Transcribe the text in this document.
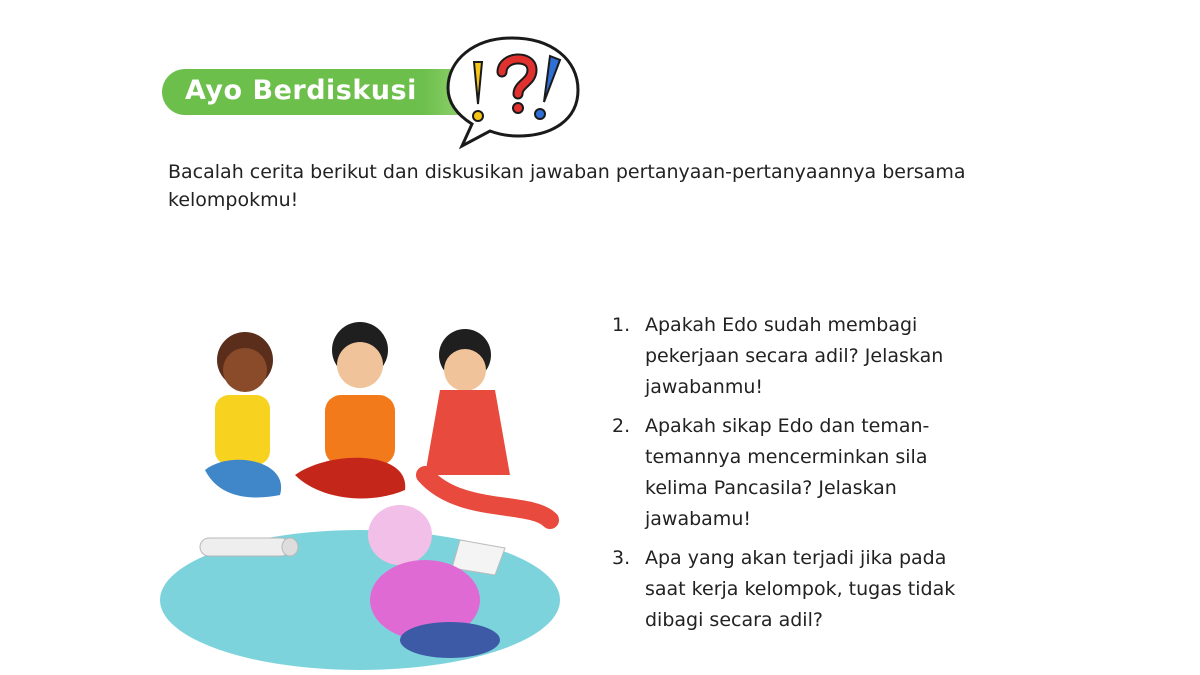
Ayo Berdiskusi
Bacalah cerita berikut dan diskusikan jawaban pertanyaan-pertanyaannya bersama kelompokmu!
1. Apakah Edo sudah membagi pekerjaan secara adil? Jelaskan jawabanmu!
2. Apakah sikap Edo dan teman-temannya mencerminkan sila kelima Pancasila? Jelaskan jawabamu!
3. Apa yang akan terjadi jika pada saat kerja kelompok, tugas tidak dibagi secara adil?
